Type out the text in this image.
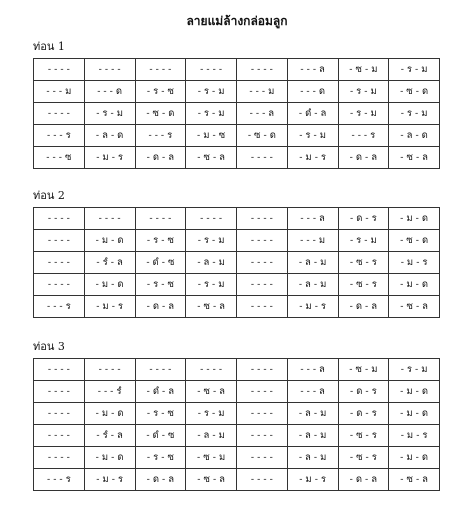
ลายแม่ล้างกล่อมลูก
ท่อน 1
- - - -	- - - -	- - - -	- - - -	- - - -	- - - ล	- ซ - ม	- ร - ม
- - - ม	- - - ด	- ร - ซ	- ร - ม	- - - ม	- - - ด	- ร - ม	- ซ - ด
- - - -	- ร - ม	- ซ - ด	- ร - ม	- - - ล	- ดํ - ล	- ร - ม	- ร - ม
- - - ร	- ล - ด	- - - ร	- ม - ซ	- ซ - ด	- ร - ม	- - - ร	- ล - ด
- - - ซ	- ม - ร	- ด - ล	- ซ - ล	- - - -	- ม - ร	- ด - ล	- ซ - ล
ท่อน 2
- - - -	- - - -	- - - -	- - - -	- - - -	- - - ล	- ด - ร	- ม - ด
- - - -	- ม - ด	- ร - ซ	- ร - ม	- - - -	- - - ม	- ร - ม	- ซ - ด
- - - -	- รํ - ล	- ดํ - ซ	- ล - ม	- - - -	- ล - ม	- ซ - ร	- ม - ร
- - - -	- ม - ด	- ร - ซ	- ร - ม	- - - -	- ล - ม	- ซ - ร	- ม - ด
- - - ร	- ม - ร	- ด - ล	- ซ - ล	- - - -	- ม - ร	- ด - ล	- ซ - ล
ท่อน 3
- - - -	- - - -	- - - -	- - - -	- - - -	- - - ล	- ซ - ม	- ร - ม
- - - -	- - - รํ	- ดํ - ล	- ซ - ล	- - - -	- - - ล	- ด - ร	- ม - ด
- - - -	- ม - ด	- ร - ซ	- ร - ม	- - - -	- ล - ม	- ด - ร	- ม - ด
- - - -	- รํ - ล	- ดํ - ซ	- ล - ม	- - - -	- ล - ม	- ซ - ร	- ม - ร
- - - -	- ม - ด	- ร - ซ	- ซ - ม	- - - -	- ล - ม	- ซ - ร	- ม - ด
- - - ร	- ม - ร	- ด - ล	- ซ - ล	- - - -	- ม - ร	- ด - ล	- ซ - ล
